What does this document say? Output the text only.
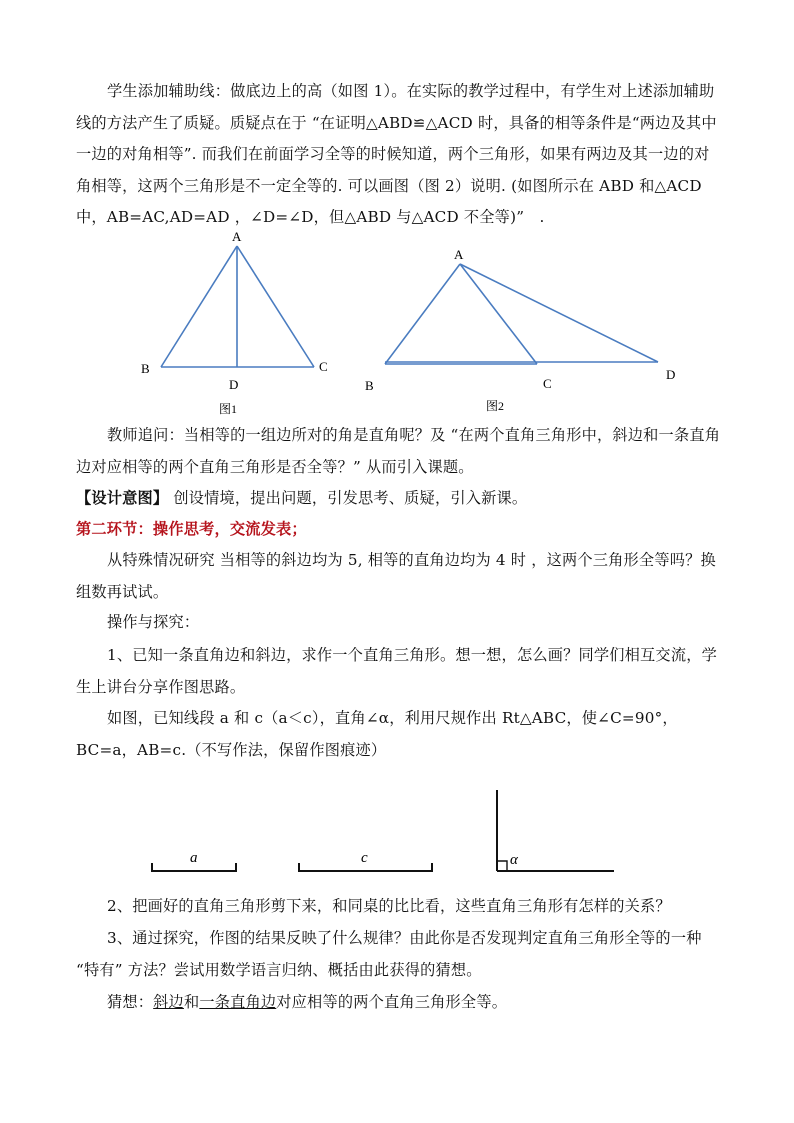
学生添加辅助线：做底边上的高（如图 1）。在实际的教学过程中，有学生对上述添加辅助线的方法产生了质疑。质疑点在于 “在证明△ABD≌△ACD 时，具备的相等条件是“两边及其中一边的对角相等”. 而我们在前面学习全等的时候知道，两个三角形，如果有两边及其一边的对角相等，这两个三角形是不一定全等的. 可以画图（图 2）说明. (如图所示在 ABD 和△ACD 中，AB=AC,AD=AD ，∠D=∠D，但△ABD 与△ACD 不全等)”　.

A
B	C
D
图1
A
B	C
D
图2

教师追问：当相等的一组边所对的角是直角呢？及 “在两个直角三角形中，斜边和一条直角边对应相等的两个直角三角形是否全等？” 从而引入课题。

【设计意图】 创设情境，提出问题，引发思考、质疑，引入新课。

第二环节：操作思考，交流发表；

从特殊情况研究 当相等的斜边均为 5, 相等的直角边均为 4 时 ，这两个三角形全等吗？换组数再试试。

操作与探究：

1、已知一条直角边和斜边，求作一个直角三角形。想一想，怎么画？同学们相互交流，学生上讲台分享作图思路。

如图，已知线段 a 和 c（a＜c），直角∠α，利用尺规作出 Rt△ABC，使∠C=90°，BC=a，AB=c.（不写作法，保留作图痕迹）

a	c	α

2、把画好的直角三角形剪下来，和同桌的比比看，这些直角三角形有怎样的关系？

3、通过探究，作图的结果反映了什么规律？由此你是否发现判定直角三角形全等的一种 “特有” 方法？尝试用数学语言归纳、概括由此获得的猜想。

猜想：斜边和一条直角边对应相等的两个直角三角形全等。
